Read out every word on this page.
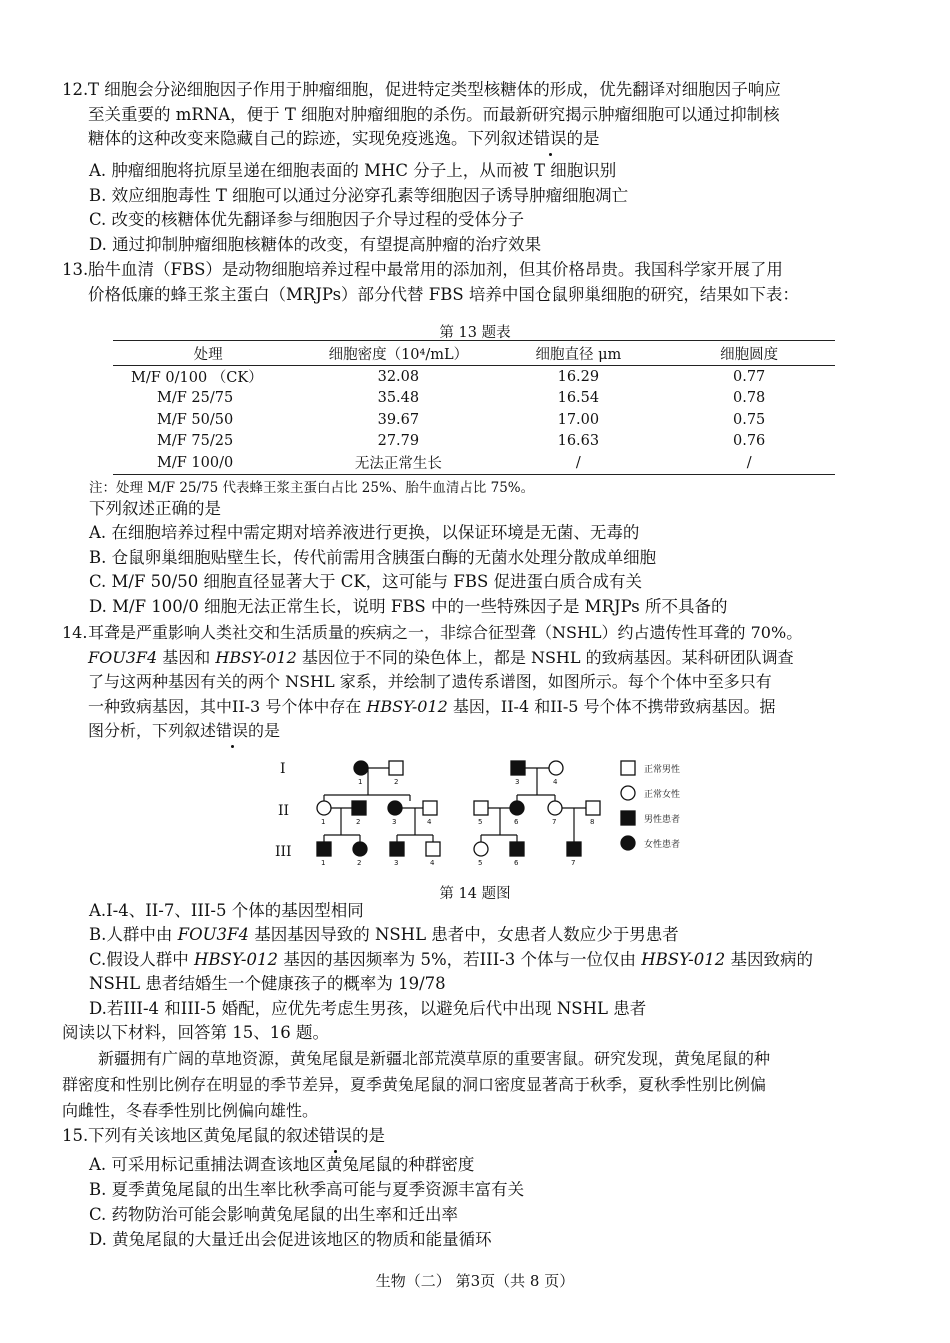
12. T 细胞会分泌细胞因子作用于肿瘤细胞，促进特定类型核糖体的形成，优先翻译对细胞因子响应
至关重要的 mRNA，便于 T 细胞对肿瘤细胞的杀伤。而最新研究揭示肿瘤细胞可以通过抑制核
糖体的这种改变来隐藏自己的踪迹，实现免疫逃逸。下列叙述错误的是
A. 肿瘤细胞将抗原呈递在细胞表面的 MHC 分子上，从而被 T 细胞识别
B. 效应细胞毒性 T 细胞可以通过分泌穿孔素等细胞因子诱导肿瘤细胞凋亡
C. 改变的核糖体优先翻译参与细胞因子介导过程的受体分子
D. 通过抑制肿瘤细胞核糖体的改变，有望提高肿瘤的治疗效果
13. 胎牛血清（FBS）是动物细胞培养过程中最常用的添加剂，但其价格昂贵。我国科学家开展了用
价格低廉的蜂王浆主蛋白（MRJPs）部分代替 FBS 培养中国仓鼠卵巢细胞的研究，结果如下表：
第 13 题表
处理	细胞密度（10⁴/mL）	细胞直径 μm	细胞圆度
M/F 0/100 （CK）	32.08	16.29	0.77
M/F 25/75	35.48	16.54	0.78
M/F 50/50	39.67	17.00	0.75
M/F 75/25	27.79	16.63	0.76
M/F 100/0	无法正常生长	/	/
注：处理 M/F 25/75 代表蜂王浆主蛋白占比 25%、胎牛血清占比 75%。
下列叙述正确的是
A. 在细胞培养过程中需定期对培养液进行更换，以保证环境是无菌、无毒的
B. 仓鼠卵巢细胞贴壁生长，传代前需用含胰蛋白酶的无菌水处理分散成单细胞
C. M/F 50/50 细胞直径显著大于 CK，这可能与 FBS 促进蛋白质合成有关
D. M/F 100/0 细胞无法正常生长，说明 FBS 中的一些特殊因子是 MRJPs 所不具备的
14. 耳聋是严重影响人类社交和生活质量的疾病之一，非综合征型聋（NSHL）约占遗传性耳聋的 70%。
FOU3F4 基因和 HBSY-012 基因位于不同的染色体上，都是 NSHL 的致病基因。某科研团队调查
了与这两种基因有关的两个 NSHL 家系，并绘制了遗传系谱图，如图所示。每个个体中至多只有
一种致病基因，其中II-3 号个体中存在 HBSY-012 基因，II-4 和II-5 号个体不携带致病基因。据
图分析，下列叙述错误的是
I
II
III
1	2	3	4
1	2	3	4	5	6	7	8
1	2	3	4	5	6	7
正常男性
正常女性
男性患者
女性患者
第 14 题图
A.I-4、II-7、III-5 个体的基因型相同
B.人群中由 FOU3F4 基因基因导致的 NSHL 患者中，女患者人数应少于男患者
C.假设人群中 HBSY-012 基因的基因频率为 5%，若III-3 个体与一位仅由 HBSY-012 基因致病的
NSHL 患者结婚生一个健康孩子的概率为 19/78
D.若III-4 和III-5 婚配，应优先考虑生男孩，以避免后代中出现 NSHL 患者
阅读以下材料，回答第 15、16 题。
新疆拥有广阔的草地资源，黄兔尾鼠是新疆北部荒漠草原的重要害鼠。研究发现，黄兔尾鼠的种
群密度和性别比例存在明显的季节差异，夏季黄兔尾鼠的洞口密度显著高于秋季，夏秋季性别比例偏
向雌性，冬春季性别比例偏向雄性。
15. 下列有关该地区黄兔尾鼠的叙述错误的是
A. 可采用标记重捕法调查该地区黄兔尾鼠的种群密度
B. 夏季黄兔尾鼠的出生率比秋季高可能与夏季资源丰富有关
C. 药物防治可能会影响黄兔尾鼠的出生率和迁出率
D. 黄兔尾鼠的大量迁出会促进该地区的物质和能量循环
生物（二） 第3页（共 8 页）
